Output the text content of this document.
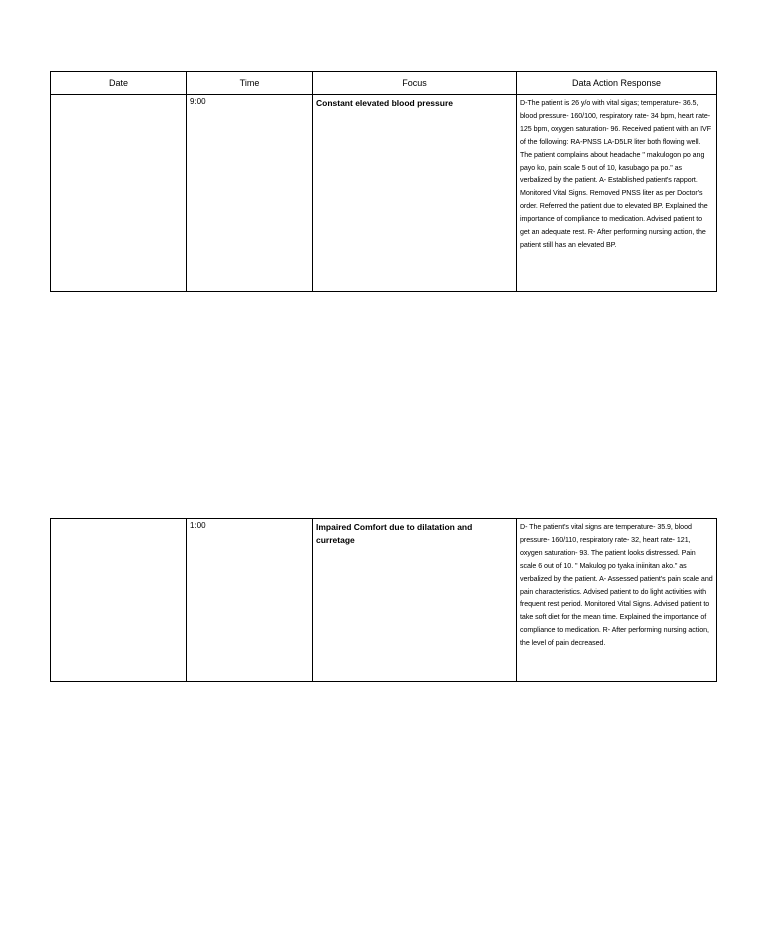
Date	Time	Focus	Data Action Response
	9:00	Constant elevated blood pressure	D-The patient is 26 y/o with vital sigas; temperature- 36.5, blood pressure- 160/100, respiratory rate- 34 bpm, heart rate- 125 bpm, oxygen saturation- 96. Received patient with an IVF of the following: RA-PNSS LA-D5LR liter both flowing well. The patient complains about headache " makulogon po ang payo ko, pain scale 5 out of 10, kasubago pa po." as verbalized by the patient. A- Established patient's rapport. Monitored Vital Signs. Removed PNSS liter as per Doctor's order. Referred the patient due to elevated BP. Explained the importance of compliance to medication. Advised patient to get an adequate rest. R- After performing nursing action, the patient still has an elevated BP.
	1:00	Impaired Comfort due to dilatation and curretage	D- The patient's vital signs are temperature- 35.9, blood pressure- 160/110, respiratory rate- 32, heart rate- 121, oxygen saturation- 93. The patient looks distressed. Pain scale 6 out of 10. " Makulog po tyaka iniinitan ako." as verbalized by the patient. A- Assessed patient's pain scale and pain characteristics. Advised patient to do light activities with frequent rest period. Monitored Vital Signs. Advised patient to take soft diet for the mean time. Explained the importance of compliance to medication. R- After performing nursing action, the level of pain decreased.
